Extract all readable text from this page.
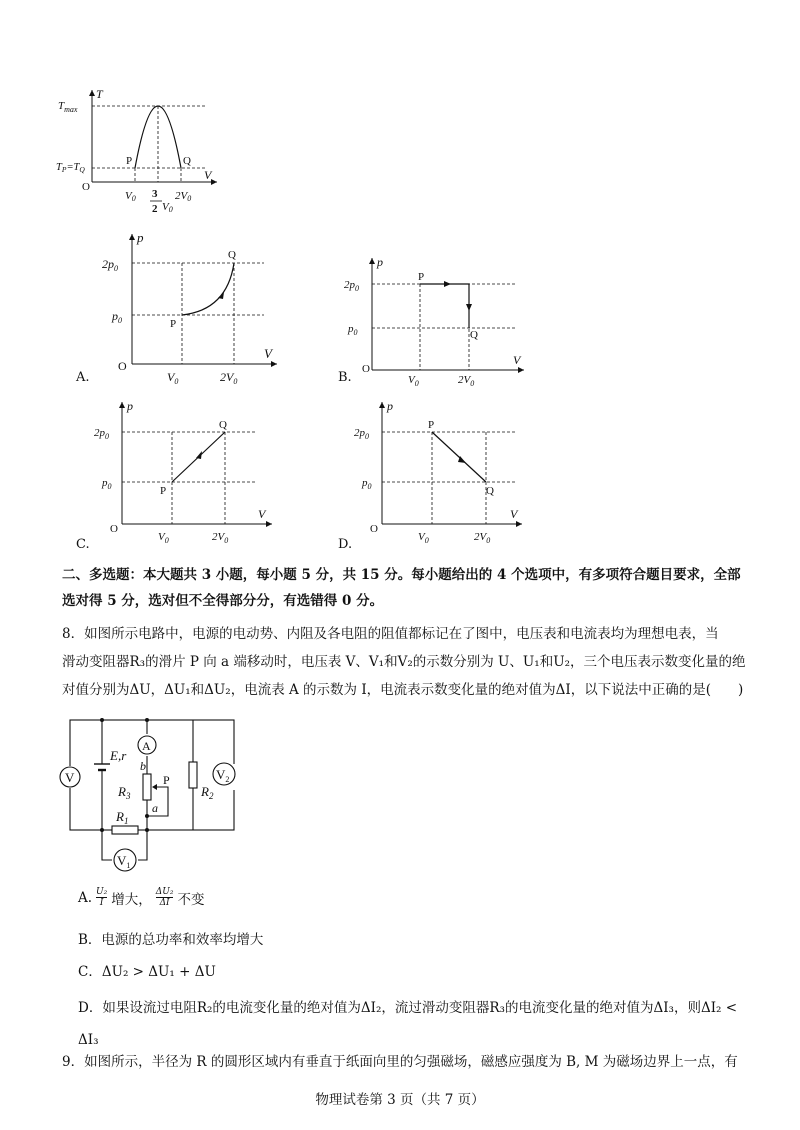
T
V
O
$T_{max}$
TP=TQ
P	Q
V0 3
2 V0
2V0
p
V
O
$2p_0$
$p_0$	P
Q
$V_0$	$2V_0$
A.
p
V
O
$2p_0$
$p_0$
P
Q
$V_0$	$2V_0$
B.
p
V
O
$2p_0$
$p_0$	P
Q
$V_0$	$2V_0$
C.
p
V
O
$2p_0$
$p_0$
P
Q
$V_0$	$2V_0$
D.
二、多选题：本大题共 3 小题，每小题 5 分，共 15 分。每小题给出的 4 个选项中，有多项符合题目要求，全部
选对得 5 分，选对但不全得部分分，有选错得 0 分。
8．如图所示电路中，电源的电动势、内阻及各电阻的阻值都标记在了图中，电压表和电流表均为理想电表，当
滑动变阻器R₃的滑片 P 向 a 端移动时，电压表 V、V₁和V₂的示数分别为 U、U₁和U₂，三个电压表示数变化量的绝
对值分别为ΔU，ΔU₁和ΔU₂，电流表 A 的示数为 I，电流表示数变化量的绝对值为ΔI，以下说法中正确的是(　　)
V
E,r
A
b
a
$R_3$
P
$R_2$
$V_2$
$R_1$
$V_1$
A. U₂
I 增大， ΔU₂
ΔI 不变
B．电源的总功率和效率均增大
C．ΔU₂ > ΔU₁ + ΔU
D．如果设流过电阻R₂的电流变化量的绝对值为ΔI₂，流过滑动变阻器R₃的电流变化量的绝对值为ΔI₃，则ΔI₂ <
ΔI₃
9．如图所示，半径为 R 的圆形区域内有垂直于纸面向里的匀强磁场，磁感应强度为 B, M 为磁场边界上一点，有
物理试卷第 3 页（共 7 页）
